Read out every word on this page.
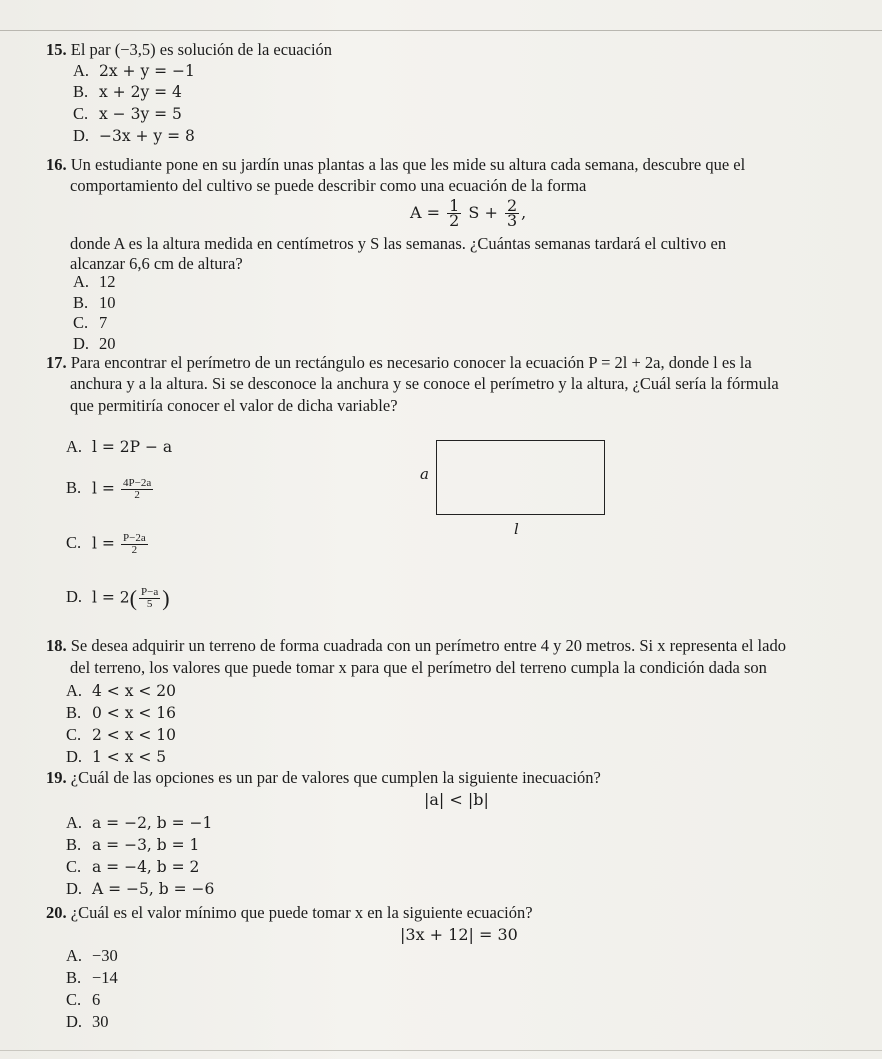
15. El par (−3,5) es solución de la ecuación
A. 2x + y = −1
B. x + 2y = 4
C. x − 3y = 5
D. −3x + y = 8
16. Un estudiante pone en su jardín unas plantas a las que les mide su altura cada semana, descubre que el
comportamiento del cultivo se puede describir como una ecuación de la forma
$A = \frac{1}{2}$ $S + \frac{2}{3}$ ,
donde A es la altura medida en centímetros y S las semanas. ¿Cuántas semanas tardará el cultivo en
alcanzar 6,6 cm de altura?
A. 12
B. 10
C. 7
D. 20
17. Para encontrar el perímetro de un rectángulo es necesario conocer la ecuación P = 2l + 2a, donde l es la
anchura y a la altura. Si se desconoce la anchura y se conoce el perímetro y la altura, ¿Cuál sería la fórmula
que permitiría conocer el valor de dicha variable?
A. l = 2P − a
B. $l = \frac{4P-2a}{2}$
C. $l = \frac{P-2a}{2}$
D. $l = 2( \frac{P-a}{5}$ )
a
l
18. Se desea adquirir un terreno de forma cuadrada con un perímetro entre 4 y 20 metros. Si x representa el lado
del terreno, los valores que puede tomar x para que el perímetro del terreno cumpla la condición dada son
A. 4 < x < 20
B. 0 < x < 16
C. 2 < x < 10
D. 1 < x < 5
19. ¿Cuál de las opciones es un par de valores que cumplen la siguiente inecuación?
|a| < |b|
A. a = −2, b = −1
B. a = −3, b = 1
C. a = −4, b = 2
D. A = −5, b = −6
20. ¿Cuál es el valor mínimo que puede tomar x en la siguiente ecuación?
|3x + 12| = 30
A. −30
B. −14
C. 6
D. 30
